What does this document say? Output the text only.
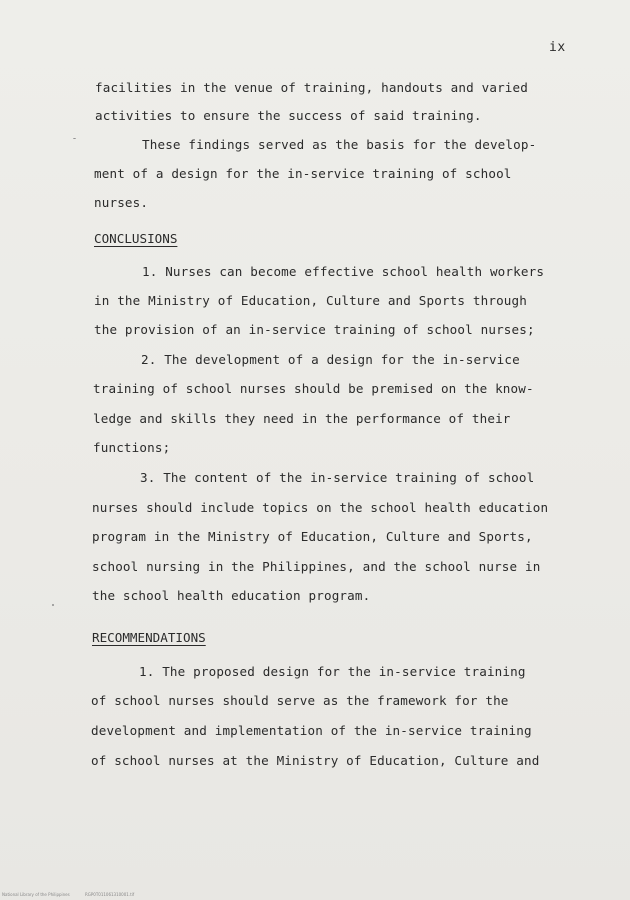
ix
facilities in the venue of training, handouts and varied
activities to ensure the success of said training.
These findings served as the basis for the develop-
ment of a design for the in-service training of school
nurses.
CONCLUSIONS
1. Nurses can become effective school health workers
in the Ministry of Education, Culture and Sports through
the provision of an in-service training of school nurses;
2. The development of a design for the in-service
training of school nurses should be premised on the know-
ledge and skills they need in the performance of their
functions;
3. The content of the in-service training of school
nurses should include topics on the school health education
program in the Ministry of Education, Culture and Sports,
school nursing in the Philippines, and the school nurse in
the school health education program.
RECOMMENDATIONS
1. The proposed design for the in-service training
of school nurses should serve as the framework for the
development and implementation of the in-service training
of school nurses at the Ministry of Education, Culture and
National Library of the Philippines	RGP0T011061310001.tif
